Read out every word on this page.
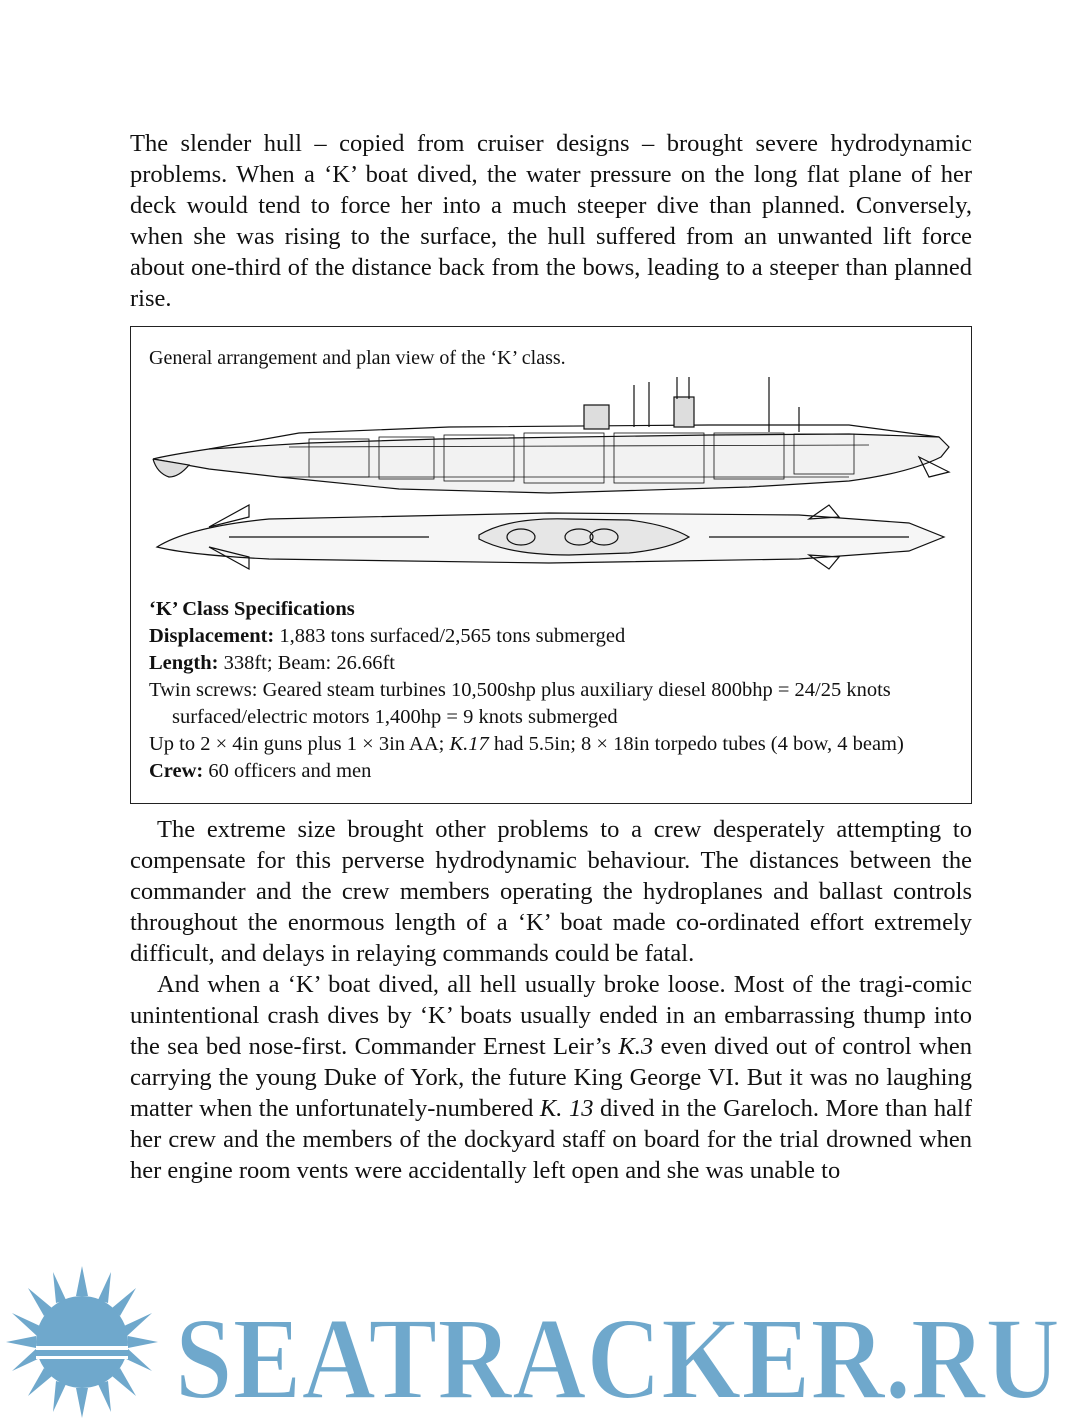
The slender hull – copied from cruiser designs – brought severe hydrodynamic problems. When a ‘K’ boat dived, the water pressure on the long flat plane of her deck would tend to force her into a much steeper dive than planned. Conversely, when she was rising to the surface, the hull suffered from an unwanted lift force about one-third of the distance back from the bows, leading to a steeper than planned rise.

General arrangement and plan view of the ‘K’ class.

‘K’ Class Specifications

Displacement: 1,883 tons surfaced/2,565 tons submerged

Length: 338ft; Beam: 26.66ft

Twin screws: Geared steam turbines 10,500shp plus auxiliary diesel 800bhp = 24/25 knots surfaced/electric motors 1,400hp = 9 knots submerged

Up to 2 × 4in guns plus 1 × 3in AA; K.17 had 5.5in; 8 × 18in torpedo tubes (4 bow, 4 beam)

Crew: 60 officers and men

The extreme size brought other problems to a crew desperately attempting to compensate for this perverse hydrodynamic behaviour. The distances between the commander and the crew members operating the hydroplanes and ballast controls throughout the enormous length of a ‘K’ boat made co-ordinated effort extremely difficult, and delays in relaying commands could be fatal.

And when a ‘K’ boat dived, all hell usually broke loose. Most of the tragi-comic unintentional crash dives by ‘K’ boats usually ended in an embarrassing thump into the sea bed nose-first. Commander Ernest Leir’s K.3 even dived out of control when carrying the young Duke of York, the future King George VI. But it was no laughing matter when the unfortunately-numbered K. 13 dived in the Gareloch. More than half her crew and the members of the dockyard staff on board for the trial drowned when her engine room vents were accidentally left open and she was unable to

SEATRACKER.RU
